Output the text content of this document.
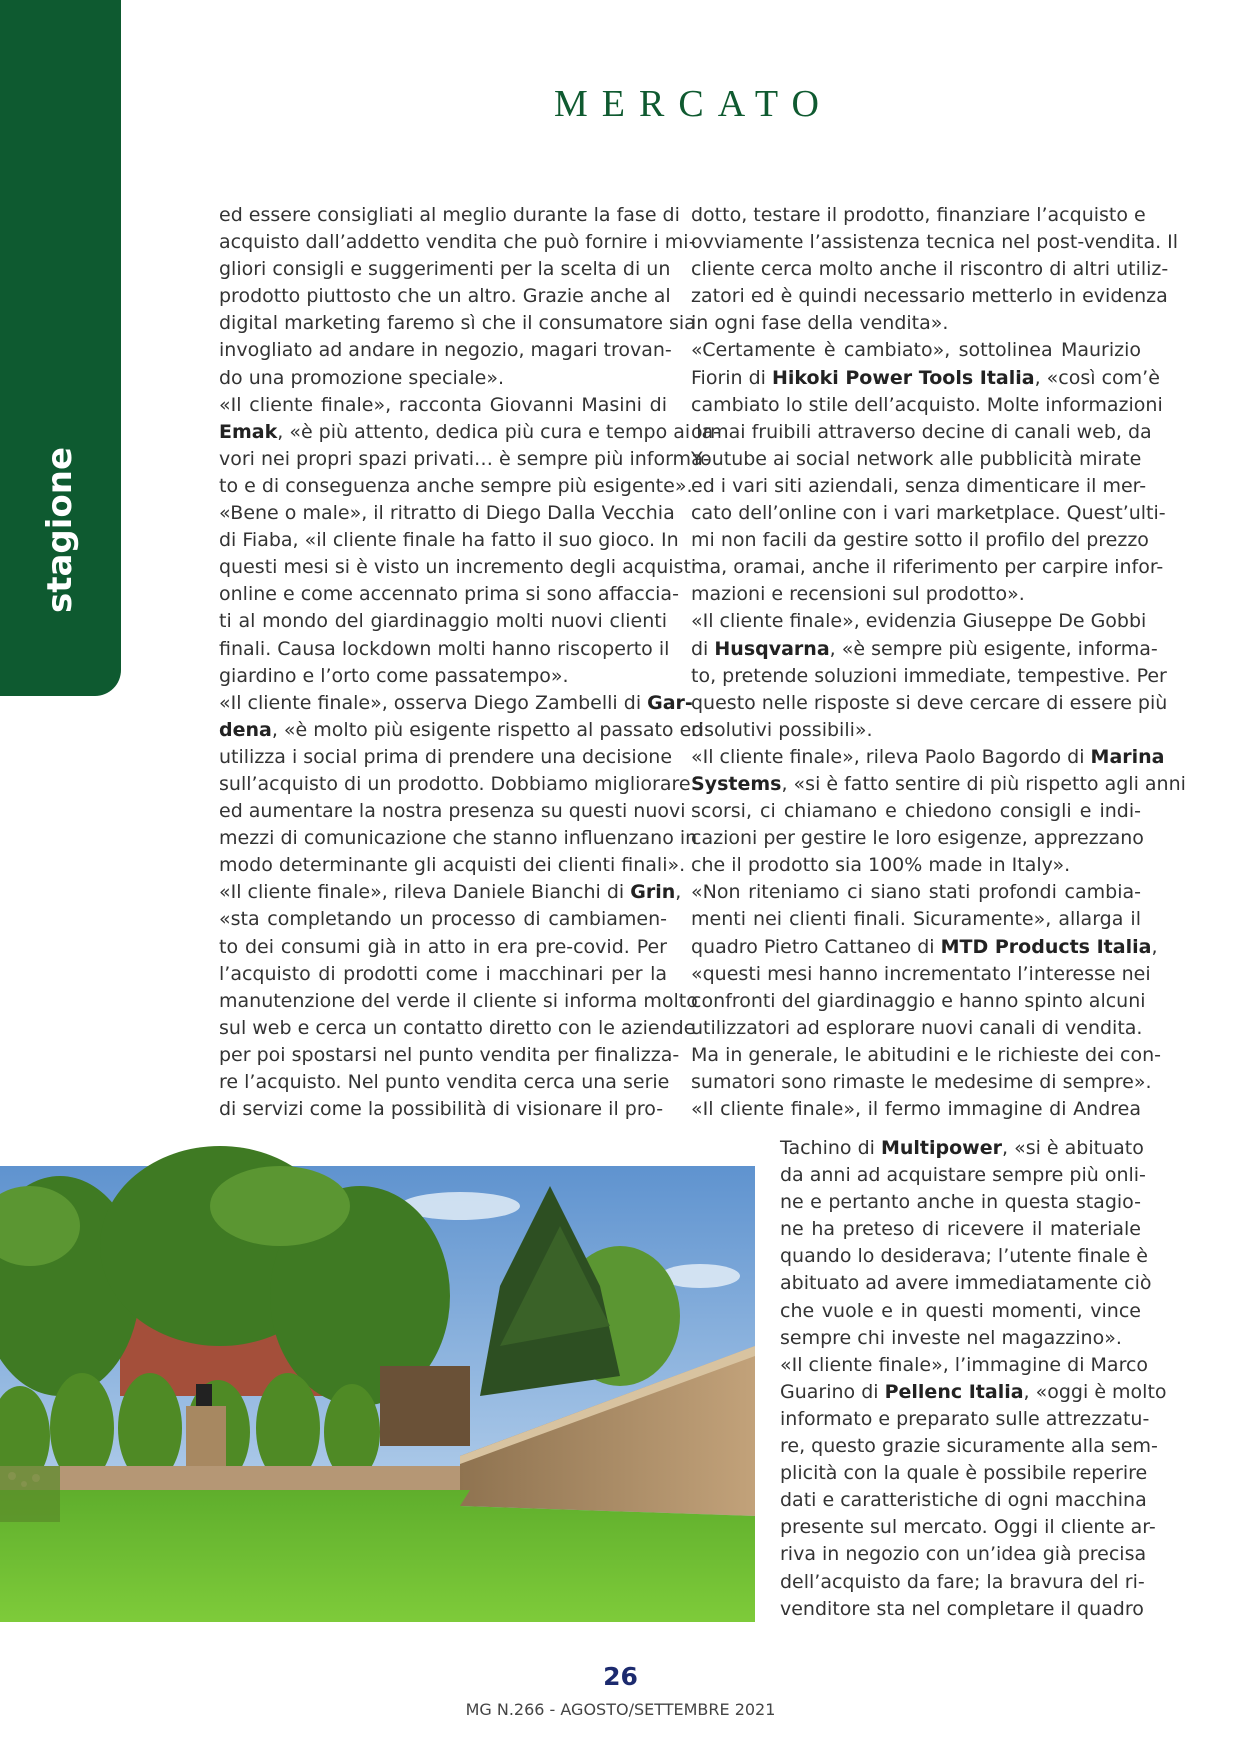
stagione
MERCATO
ed essere consigliati al meglio durante la fase di
acquisto dall’addetto vendita che può fornire i mi-
gliori consigli e suggerimenti per la scelta di un
prodotto piuttosto che un altro. Grazie anche al
digital marketing faremo sì che il consumatore sia
invogliato ad andare in negozio, magari trovan-
do una promozione speciale».
«Il cliente finale», racconta Giovanni Masini di
Emak, «è più attento, dedica più cura e tempo ai la-
vori nei propri spazi privati… è sempre più informa-
to e di conseguenza anche sempre più esigente».
«Bene o male», il ritratto di Diego Dalla Vecchia
di Fiaba, «il cliente finale ha fatto il suo gioco. In
questi mesi si è visto un incremento degli acquisti
online e come accennato prima si sono affaccia-
ti al mondo del giardinaggio molti nuovi clienti
finali. Causa lockdown molti hanno riscoperto il
giardino e l’orto come passatempo».
«Il cliente finale», osserva Diego Zambelli di Gar-
dena, «è molto più esigente rispetto al passato ed
utilizza i social prima di prendere una decisione
sull’acquisto di un prodotto. Dobbiamo migliorare
ed aumentare la nostra presenza su questi nuovi
mezzi di comunicazione che stanno influenzano in
modo determinante gli acquisti dei clienti finali».
«Il cliente finale», rileva Daniele Bianchi di Grin,
«sta completando un processo di cambiamen-
to dei consumi già in atto in era pre-covid. Per
l’acquisto di prodotti come i macchinari per la
manutenzione del verde il cliente si informa molto
sul web e cerca un contatto diretto con le aziende
per poi spostarsi nel punto vendita per finalizza-
re l’acquisto. Nel punto vendita cerca una serie
di servizi come la possibilità di visionare il pro-
dotto, testare il prodotto, finanziare l’acquisto e
ovviamente l’assistenza tecnica nel post-vendita. Il
cliente cerca molto anche il riscontro di altri utiliz-
zatori ed è quindi necessario metterlo in evidenza
in ogni fase della vendita».
«Certamente è cambiato», sottolinea Maurizio
Fiorin di Hikoki Power Tools Italia, «così com’è
cambiato lo stile dell’acquisto. Molte informazioni
ormai fruibili attraverso decine di canali web, da
Youtube ai social network alle pubblicità mirate
ed i vari siti aziendali, senza dimenticare il mer-
cato dell’online con i vari marketplace. Quest’ulti-
mi non facili da gestire sotto il profilo del prezzo
ma, oramai, anche il riferimento per carpire infor-
mazioni e recensioni sul prodotto».
«Il cliente finale», evidenzia Giuseppe De Gobbi
di Husqvarna, «è sempre più esigente, informa-
to, pretende soluzioni immediate, tempestive. Per
questo nelle risposte si deve cercare di essere più
risolutivi possibili».
«Il cliente finale», rileva Paolo Bagordo di Marina
Systems, «si è fatto sentire di più rispetto agli anni
scorsi, ci chiamano e chiedono consigli e indi-
cazioni per gestire le loro esigenze, apprezzano
che il prodotto sia 100% made in Italy».
«Non riteniamo ci siano stati profondi cambia-
menti nei clienti finali. Sicuramente», allarga il
quadro Pietro Cattaneo di MTD Products Italia,
«questi mesi hanno incrementato l’interesse nei
confronti del giardinaggio e hanno spinto alcuni
utilizzatori ad esplorare nuovi canali di vendita.
Ma in generale, le abitudini e le richieste dei con-
sumatori sono rimaste le medesime di sempre».
«Il cliente finale», il fermo immagine di Andrea
Tachino di Multipower, «si è abituato
da anni ad acquistare sempre più onli-
ne e pertanto anche in questa stagio-
ne ha preteso di ricevere il materiale
quando lo desiderava; l’utente finale è
abituato ad avere immediatamente ciò
che vuole e in questi momenti, vince
sempre chi investe nel magazzino».
«Il cliente finale», l’immagine di Marco
Guarino di Pellenc Italia, «oggi è molto
informato e preparato sulle attrezzatu-
re, questo grazie sicuramente alla sem-
plicità con la quale è possibile reperire
dati e caratteristiche di ogni macchina
presente sul mercato. Oggi il cliente ar-
riva in negozio con un’idea già precisa
dell’acquisto da fare; la bravura del ri-
venditore sta nel completare il quadro
26
MG N.266 - AGOSTO/SETTEMBRE 2021
